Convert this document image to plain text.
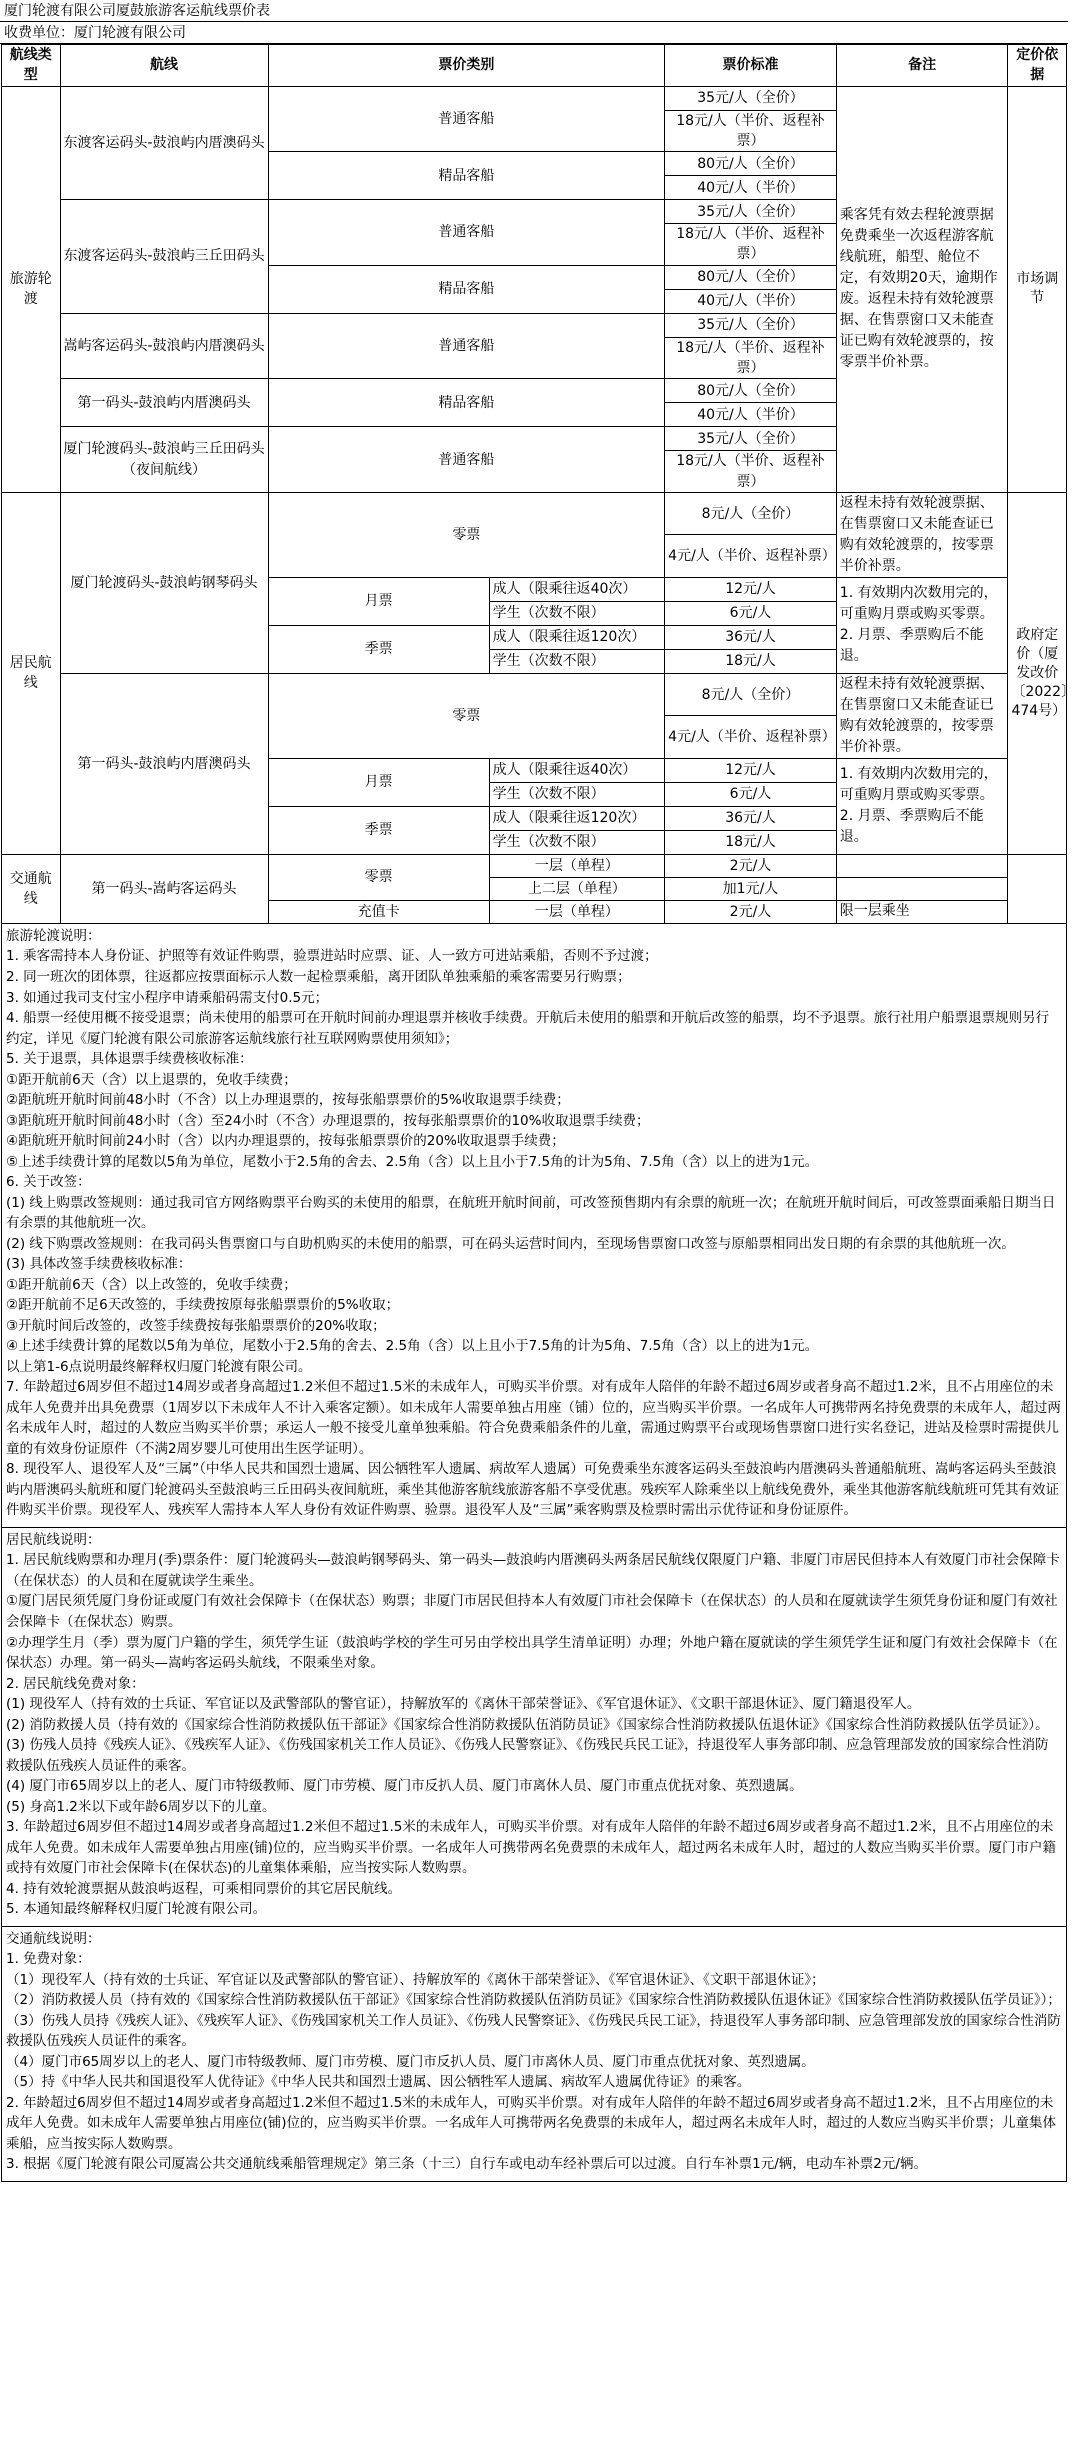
厦门轮渡有限公司厦鼓旅游客运航线票价表
收费单位：厦门轮渡有限公司
航线类型	航线	票价类别		票价标准	备注	定价依据
旅游轮渡	东渡客运码头-鼓浪屿内厝澳码头	普通客船		35元/人（全价）	乘客凭有效去程轮渡票据免费乘坐一次返程游客航线航班，船型、舱位不定，有效期20天，逾期作废。返程未持有效轮渡票据、在售票窗口又未能查证已购有效轮渡票的，按零票半价补票。	市场调节
				18元/人（半价、返程补票）		
		精品客船		80元/人（全价）		
				40元/人（半价）		
	东渡客运码头-鼓浪屿三丘田码头	普通客船		35元/人（全价）		
				18元/人（半价、返程补票）		
		精品客船		80元/人（全价）		
				40元/人（半价）		
	嵩屿客运码头-鼓浪屿内厝澳码头	普通客船		35元/人（全价）		
				18元/人（半价、返程补票）		
	第一码头-鼓浪屿内厝澳码头	精品客船		80元/人（全价）		
				40元/人（半价）		
	厦门轮渡码头-鼓浪屿三丘田码头（夜间航线）	普通客船		35元/人（全价）		
				18元/人（半价、返程补票）		
居民航线	厦门轮渡码头-鼓浪屿钢琴码头	零票		8元/人（全价）	返程未持有效轮渡票据、在售票窗口又未能查证已购有效轮渡票的，按零票半价补票。	政府定价（厦发改价〔2022〕474号）
				4元/人（半价、返程补票）		
		月票	成人（限乘往返40次）	12元/人	1. 有效期内次数用完的，可重购月票或购买零票。
2. 月票、季票购后不能退。	
			学生（次数不限）	6元/人		
		季票	成人（限乘往返120次）	36元/人		
			学生（次数不限）	18元/人		
	第一码头-鼓浪屿内厝澳码头	零票		8元/人（全价）	返程未持有效轮渡票据、在售票窗口又未能查证已购有效轮渡票的，按零票半价补票。	
				4元/人（半价、返程补票）		
		月票	成人（限乘往返40次）	12元/人	1. 有效期内次数用完的，可重购月票或购买零票。
2. 月票、季票购后不能退。	
			学生（次数不限）	6元/人		
		季票	成人（限乘往返120次）	36元/人		
			学生（次数不限）	18元/人		
交通航线	第一码头-嵩屿客运码头	零票	一层（单程）	2元/人		
			上二层（单程）	加1元/人		
		充值卡	一层（单程）	2元/人	限一层乘坐	

旅游轮渡说明：

1. 乘客需持本人身份证、护照等有效证件购票，验票进站时应票、证、人一致方可进站乘船，否则不予过渡；

2. 同一班次的团体票，往返都应按票面标示人数一起检票乘船，离开团队单独乘船的乘客需要另行购票；

3. 如通过我司支付宝小程序申请乘船码需支付0.5元；

4. 船票一经使用概不接受退票；尚未使用的船票可在开航时间前办理退票并核收手续费。开航后未使用的船票和开航后改签的船票，均不予退票。旅行社用户船票退票规则另行约定，详见《厦门轮渡有限公司旅游客运航线旅行社互联网购票使用须知》；

5. 关于退票，具体退票手续费核收标准：

①距开航前6天（含）以上退票的，免收手续费；

②距航班开航时间前48小时（不含）以上办理退票的，按每张船票票价的5%收取退票手续费；

③距航班开航时间前48小时（含）至24小时（不含）办理退票的，按每张船票票价的10%收取退票手续费；

④距航班开航时间前24小时（含）以内办理退票的，按每张船票票价的20%收取退票手续费；

⑤上述手续费计算的尾数以5角为单位，尾数小于2.5角的舍去、2.5角（含）以上且小于7.5角的计为5角、7.5角（含）以上的进为1元。

6. 关于改签：

(1) 线上购票改签规则：通过我司官方网络购票平台购买的未使用的船票，在航班开航时间前，可改签预售期内有余票的航班一次；在航班开航时间后，可改签票面乘船日期当日有余票的其他航班一次。

(2) 线下购票改签规则：在我司码头售票窗口与自助机购买的未使用的船票，可在码头运营时间内，至现场售票窗口改签与原船票相同出发日期的有余票的其他航班一次。

(3) 具体改签手续费核收标准：

①距开航前6天（含）以上改签的，免收手续费；

②距开航前不足6天改签的，手续费按原每张船票票价的5%收取；

③开航时间后改签的，改签手续费按每张船票票价的20%收取；

④上述手续费计算的尾数以5角为单位，尾数小于2.5角的舍去、2.5角（含）以上且小于7.5角的计为5角、7.5角（含）以上的进为1元。

以上第1-6点说明最终解释权归厦门轮渡有限公司。

7. 年龄超过6周岁但不超过14周岁或者身高超过1.2米但不超过1.5米的未成年人，可购买半价票。对有成年人陪伴的年龄不超过6周岁或者身高不超过1.2米，且不占用座位的未成年人免费并出具免费票（1周岁以下未成年人不计入乘客定额）。如未成年人需要单独占用座（铺）位的，应当购买半价票。一名成年人可携带两名持免费票的未成年人，超过两名未成年人时，超过的人数应当购买半价票；承运人一般不接受儿童单独乘船。符合免费乘船条件的儿童，需通过购票平台或现场售票窗口进行实名登记，进站及检票时需提供儿童的有效身份证原件（不满2周岁婴儿可使用出生医学证明）。

8. 现役军人、退役军人及“三属”（中华人民共和国烈士遗属、因公牺牲军人遗属、病故军人遗属）可免费乘坐东渡客运码头至鼓浪屿内厝澳码头普通船航班、嵩屿客运码头至鼓浪屿内厝澳码头航班和厦门轮渡码头至鼓浪屿三丘田码头夜间航班，乘坐其他游客航线旅游客船不享受优惠。残疾军人除乘坐以上航线免费外，乘坐其他游客航线航班可凭其有效证件购买半价票。现役军人、残疾军人需持本人军人身份有效证件购票、验票。退役军人及“三属”乘客购票及检票时需出示优待证和身份证原件。

居民航线说明：

1. 居民航线购票和办理月(季)票条件：厦门轮渡码头—鼓浪屿钢琴码头、第一码头—鼓浪屿内厝澳码头两条居民航线仅限厦门户籍、非厦门市居民但持本人有效厦门市社会保障卡（在保状态）的人员和在厦就读学生乘坐。

①厦门居民须凭厦门身份证或厦门有效社会保障卡（在保状态）购票；非厦门市居民但持本人有效厦门市社会保障卡（在保状态）的人员和在厦就读学生须凭身份证和厦门有效社会保障卡（在保状态）购票。

②办理学生月（季）票为厦门户籍的学生，须凭学生证（鼓浪屿学校的学生可另由学校出具学生清单证明）办理；外地户籍在厦就读的学生须凭学生证和厦门有效社会保障卡（在保状态）办理。第一码头—嵩屿客运码头航线，不限乘坐对象。

2. 居民航线免费对象：

(1) 现役军人（持有效的士兵证、军官证以及武警部队的警官证），持解放军的《离休干部荣誉证》、《军官退休证》、《文职干部退休证》、厦门籍退役军人。

(2) 消防救援人员（持有效的《国家综合性消防救援队伍干部证》《国家综合性消防救援队伍消防员证》《国家综合性消防救援队伍退休证》《国家综合性消防救援队伍学员证》）。

(3) 伤残人员持《残疾人证》、《残疾军人证》、《伤残国家机关工作人员证》、《伤残人民警察证》、《伤残民兵民工证》，持退役军人事务部印制、应急管理部发放的国家综合性消防救援队伍残疾人员证件的乘客。

(4) 厦门市65周岁以上的老人、厦门市特级教师、厦门市劳模、厦门市反扒人员、厦门市离休人员、厦门市重点优抚对象、英烈遗属。

(5) 身高1.2米以下或年龄6周岁以下的儿童。

3. 年龄超过6周岁但不超过14周岁或者身高超过1.2米但不超过1.5米的未成年人，可购买半价票。对有成年人陪伴的年龄不超过6周岁或者身高不超过1.2米，且不占用座位的未成年人免费。如未成年人需要单独占用座(铺)位的，应当购买半价票。一名成年人可携带两名免费票的未成年人，超过两名未成年人时，超过的人数应当购买半价票。厦门市户籍或持有效厦门市社会保障卡(在保状态)的儿童集体乘船，应当按实际人数购票。

4. 持有效轮渡票据从鼓浪屿返程，可乘相同票价的其它居民航线。

5. 本通知最终解释权归厦门轮渡有限公司。

交通航线说明：

1. 免费对象：

（1）现役军人（持有效的士兵证、军官证以及武警部队的警官证）、持解放军的《离休干部荣誉证》、《军官退休证》、《文职干部退休证》；

（2）消防救援人员（持有效的《国家综合性消防救援队伍干部证》《国家综合性消防救援队伍消防员证》《国家综合性消防救援队伍退休证》《国家综合性消防救援队伍学员证》）；

（3）伤残人员持《残疾人证》、《残疾军人证》、《伤残国家机关工作人员证》、《伤残人民警察证》、《伤残民兵民工证》，持退役军人事务部印制、应急管理部发放的国家综合性消防救援队伍残疾人员证件的乘客。

（4）厦门市65周岁以上的老人、厦门市特级教师、厦门市劳模、厦门市反扒人员、厦门市离休人员、厦门市重点优抚对象、英烈遗属。

（5）持《中华人民共和国退役军人优待证》《中华人民共和国烈士遗属、因公牺牲军人遗属、病故军人遗属优待证》的乘客。

2. 年龄超过6周岁但不超过14周岁或者身高超过1.2米但不超过1.5米的未成年人，可购买半价票。对有成年人陪伴的年龄不超过6周岁或者身高不超过1.2米，且不占用座位的未成年人免费。如未成年人需要单独占用座位(铺)位的，应当购买半价票。一名成年人可携带两名免费票的未成年人，超过两名未成年人时，超过的人数应当购买半价票；儿童集体乘船，应当按实际人数购票。

3. 根据《厦门轮渡有限公司厦嵩公共交通航线乘船管理规定》第三条（十三）自行车或电动车经补票后可以过渡。自行车补票1元/辆，电动车补票2元/辆。
